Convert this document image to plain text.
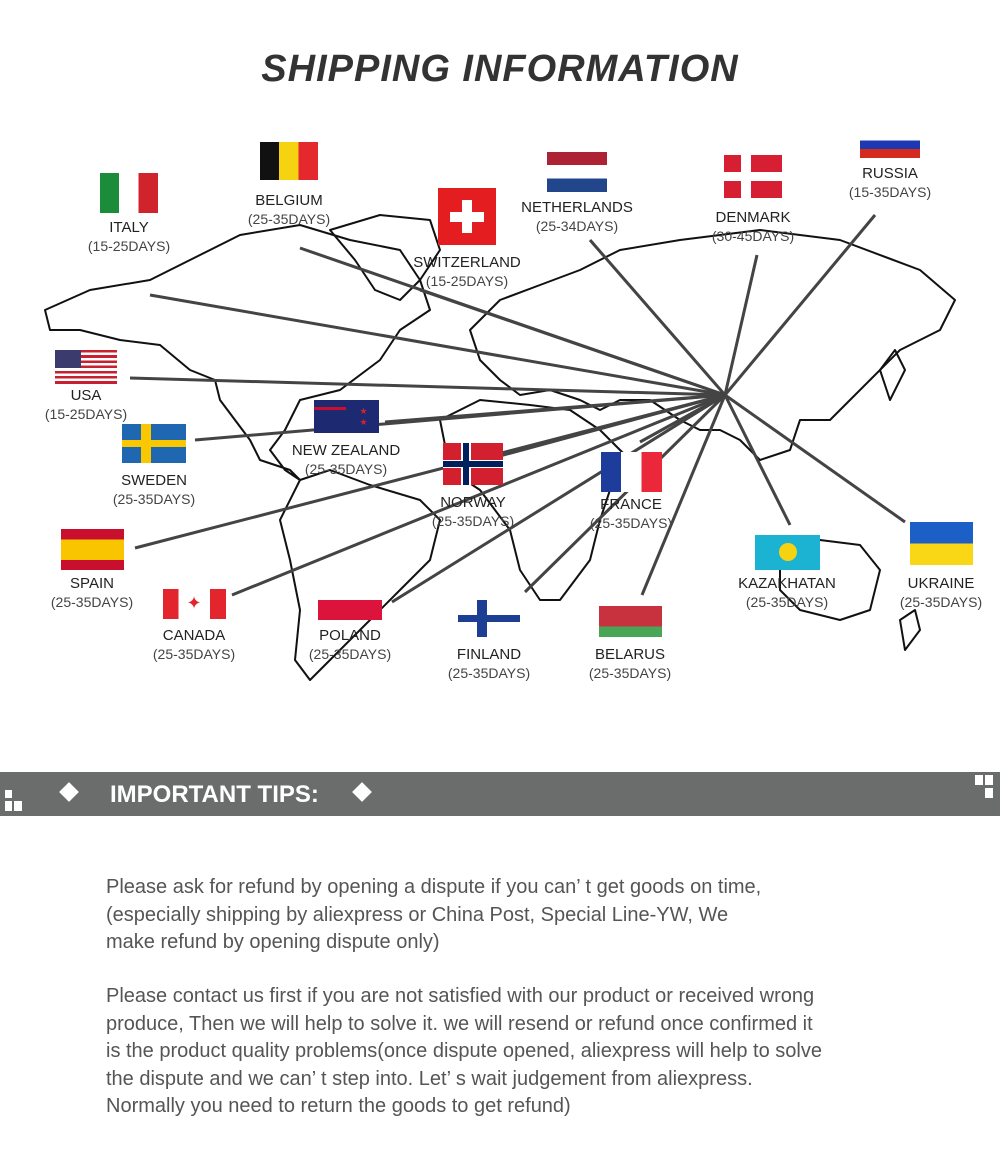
SHIPPING INFORMATION
ITALY
(15-25DAYS)
BELGIUM
(25-35DAYS)
SWITZERLAND
(15-25DAYS)
NETHERLANDS
(25-34DAYS)	DENMARK
(30-45DAYS)
RUSSIA
(15-35DAYS)
USA
(15-25DAYS)
SWEDEN
(25-35DAYS)
★
★
NEW ZEALAND
(25-35DAYS)
NORWAY
(25-35DAYS)
FRANCE
(25-35DAYS)
SPAIN
(25-35DAYS)	✦
CANADA
(25-35DAYS)
POLAND
(25-35DAYS)	FINLAND
(25-35DAYS)
BELARUS
(25-35DAYS)
KAZAKHATAN
(25-35DAYS)
UKRAINE
(25-35DAYS)
IMPORTANT TIPS:
Please ask for refund by opening a dispute if you can’ t get goods on time,
(especially shipping by aliexpress or China Post, Special Line-YW, We
make refund by opening dispute only)
Please contact us first if you are not satisfied with our product or received wrong
produce, Then we will help to solve it. we will resend or refund once confirmed it
is the product quality problems(once dispute opened, aliexpress will help to solve
the dispute and we can’ t step into. Let’ s wait judgement from aliexpress.
Normally you need to return the goods to get refund)
